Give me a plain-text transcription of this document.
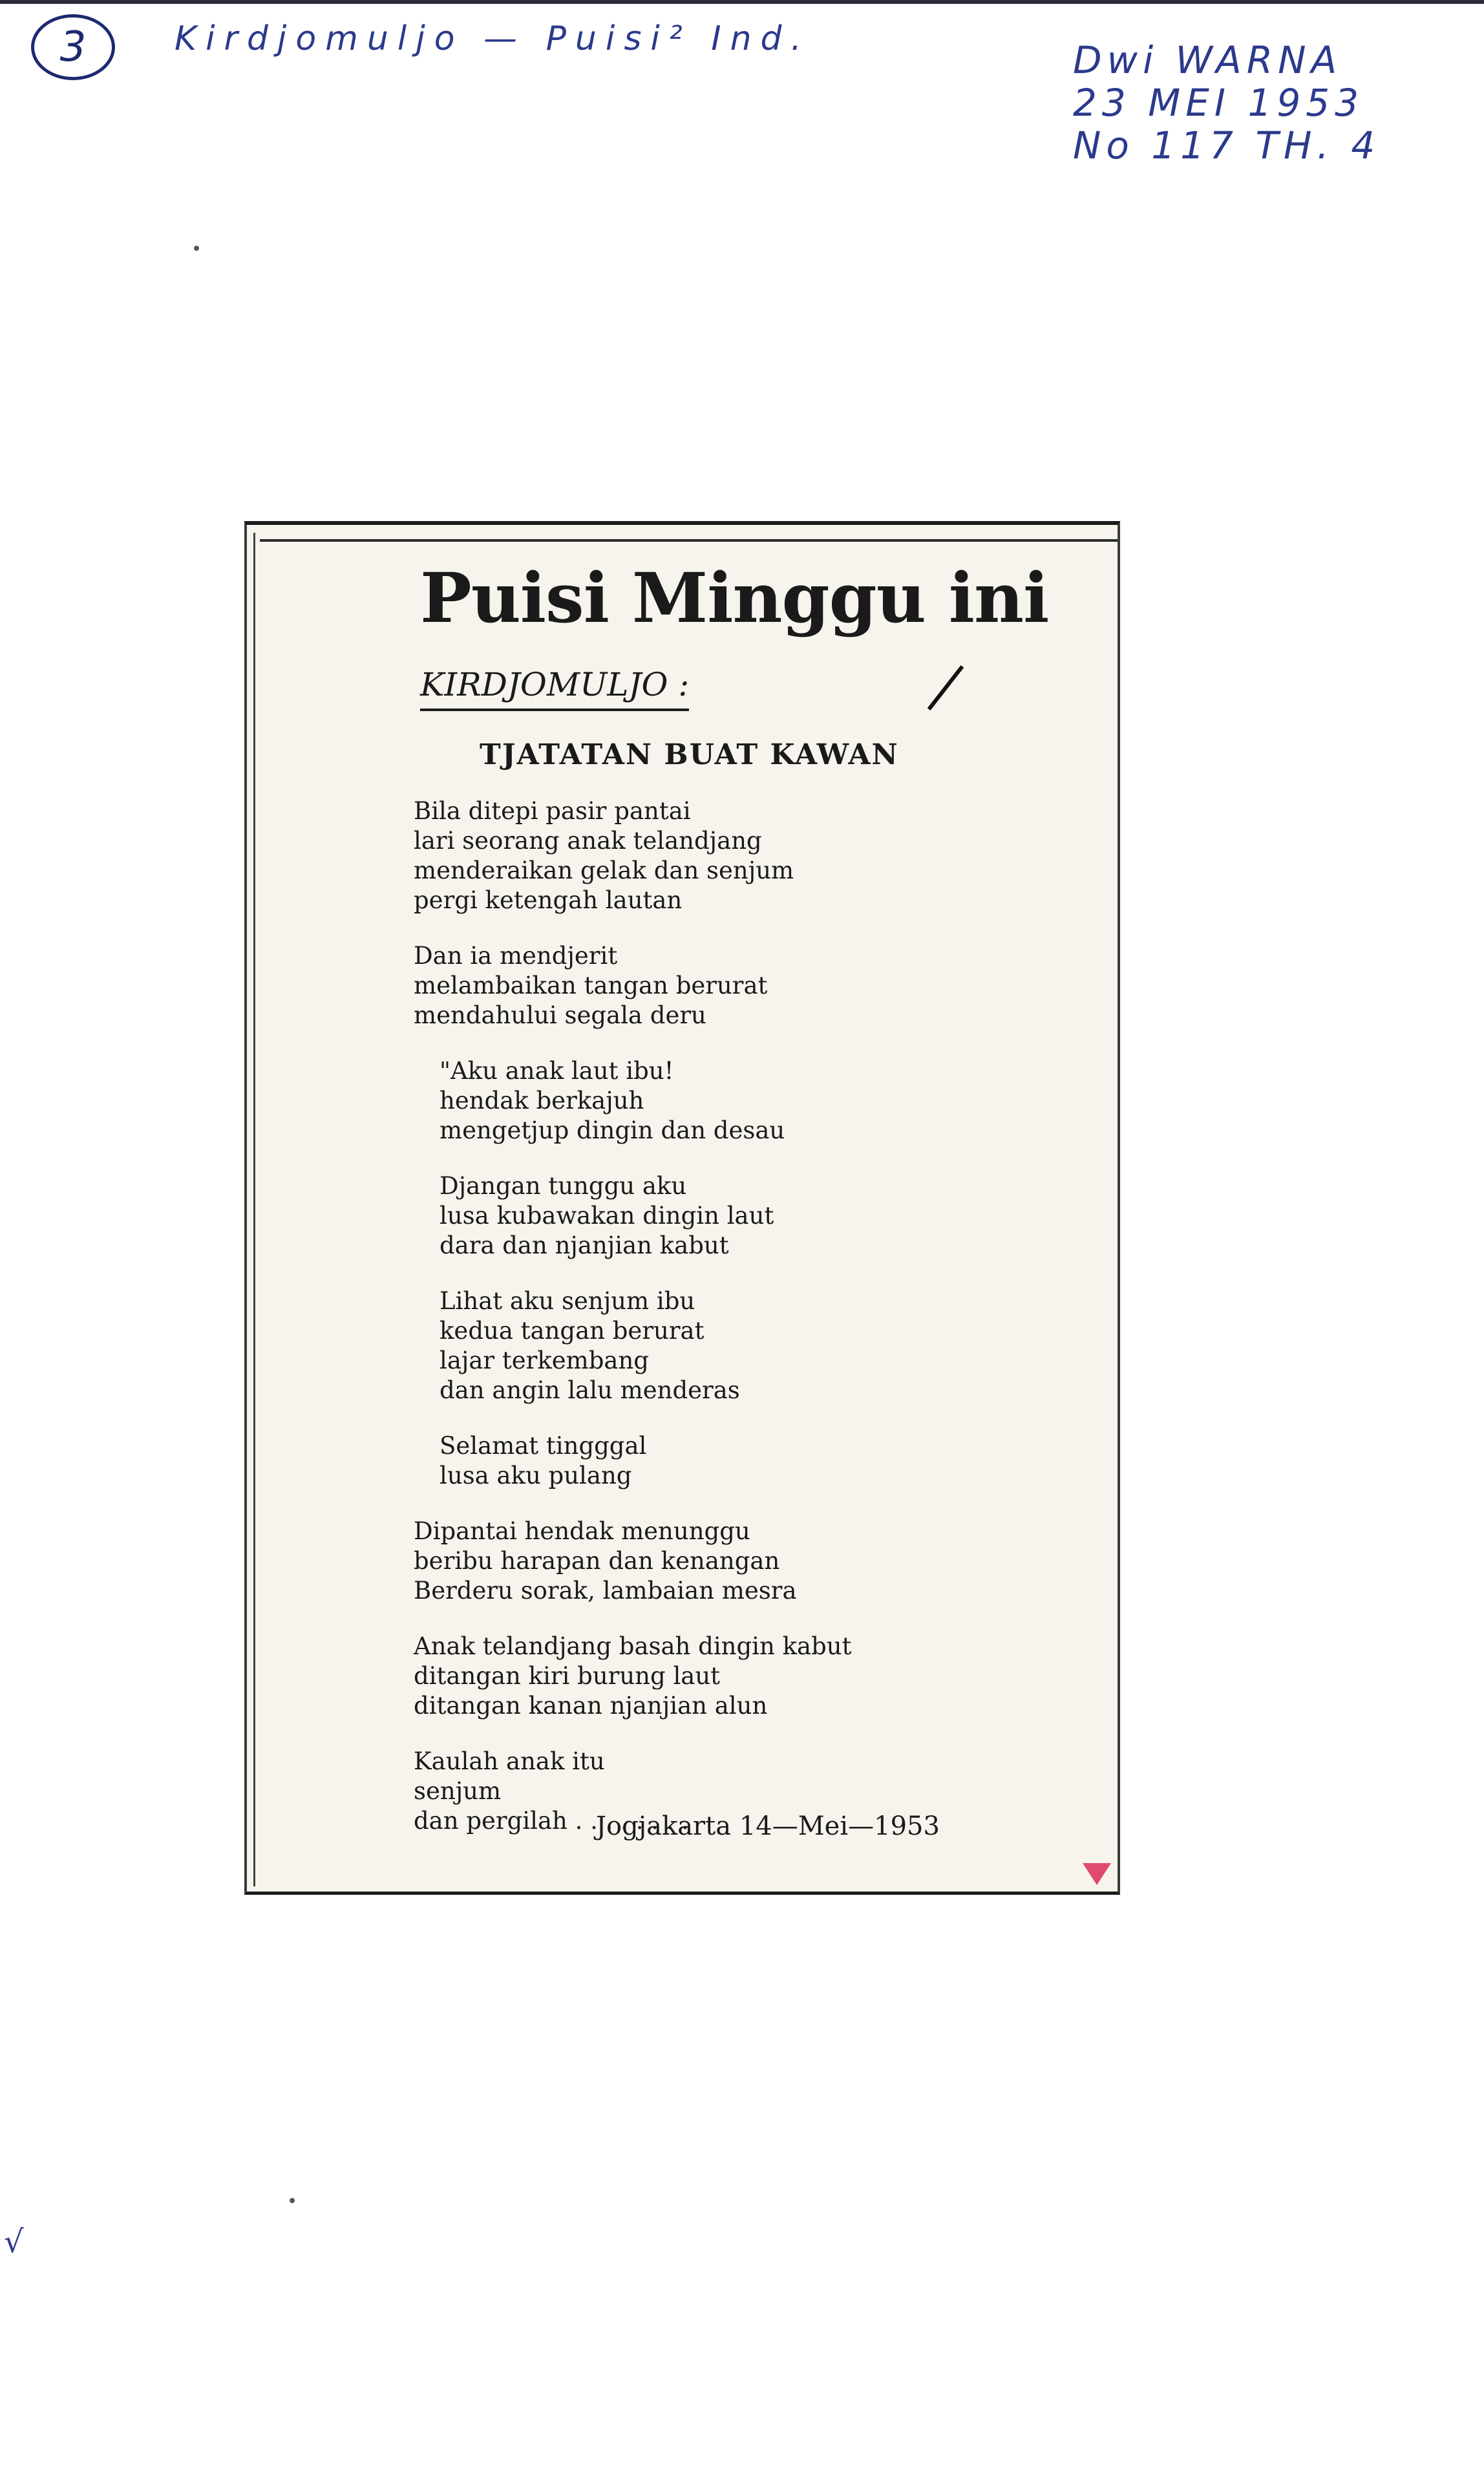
3	Kirdjomuljo — Puisi² Ind.	Dwi WARNA
23 MEI 1953
No 117 TH. 4
√
Puisi Minggu ini
KIRDJOMULJO :
TJATATAN BUAT KAWAN
Bila ditepi pasir pantai
lari seorang anak telandjang
menderaikan gelak dan senjum
pergi ketengah lautan
Dan ia mendjerit
melambaikan tangan berurat
mendahului segala deru
"Aku anak laut ibu!
hendak berkajuh
mengetjup dingin dan desau
Djangan tunggu aku
lusa kubawakan dingin laut
dara dan njanjian kabut
Lihat aku senjum ibu
kedua tangan berurat
lajar terkembang
dan angin lalu menderas
Selamat tingggal
lusa aku pulang
Dipantai hendak menunggu
beribu harapan dan kenangan
Berderu sorak, lambaian mesra
Anak telandjang basah dingin kabut
ditangan kiri burung laut
ditangan kanan njanjian alun
Kaulah anak itu
senjum
dan pergilah . . . . . . . .
Jogjakarta 14—Mei—1953
